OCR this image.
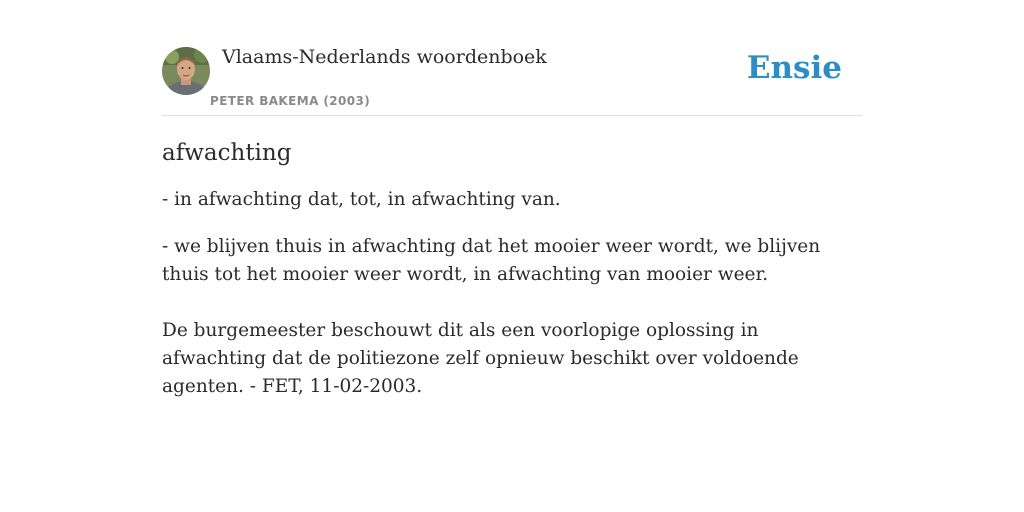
Vlaams-Nederlands woordenboek
PETER BAKEMA (2003)
Ensie
afwachting

- in afwachting dat, tot, in afwachting van.

- we blijven thuis in afwachting dat het mooier weer wordt, we blijven thuis tot het mooier weer wordt, in afwachting van mooier weer.

De burgemeester beschouwt dit als een voorlopige oplossing in afwachting dat de politiezone zelf opnieuw beschikt over voldoende agenten. - FET, 11-02-2003.
